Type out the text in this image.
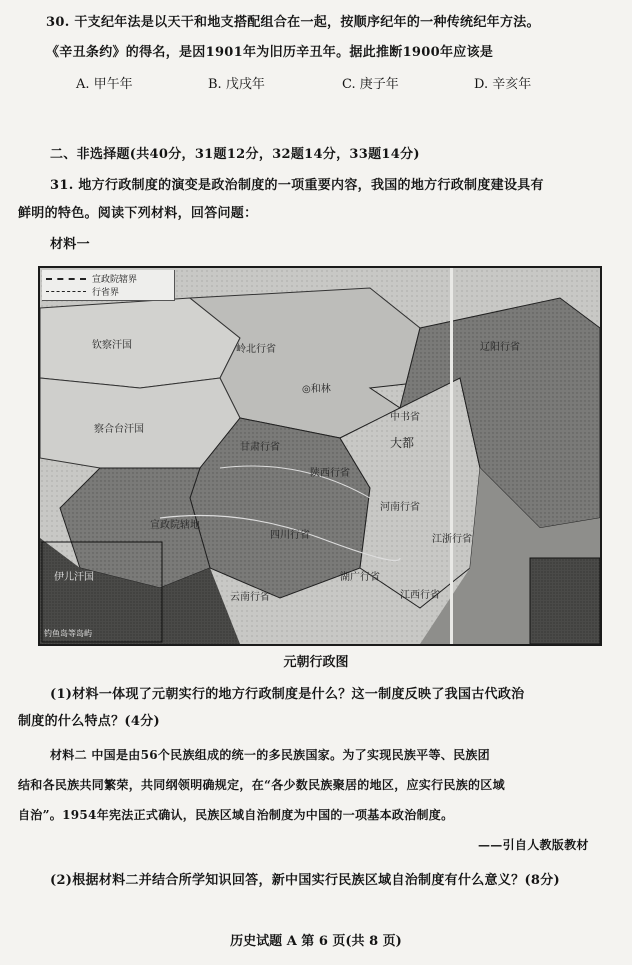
30. 干支纪年法是以天干和地支搭配组合在一起，按顺序纪年的一种传统纪年方法。
《辛丑条约》的得名，是因1901年为旧历辛丑年。据此推断1900年应该是
A. 甲午年	B. 戊戌年	C. 庚子年	D. 辛亥年
二、非选择题(共40分，31题12分，32题14分，33题14分)
31. 地方行政制度的演变是政治制度的一项重要内容，我国的地方行政制度建设具有
鲜明的特色。阅读下列材料，回答问题：
材料一
宣政院辖界
行省界
钦察汗国
察合台汗国
◎和林
中书省
大都
岭北行省	辽阳行省
甘肃行省
陕西行省
宣政院辖地
四川行省
河南行省
江浙行省
湖广行省
云南行省	江西行省
伊儿汗国
钓鱼岛等岛屿
元朝行政图
(1)材料一体现了元朝实行的地方行政制度是什么？这一制度反映了我国古代政治
制度的什么特点？(4分)
材料二 中国是由56个民族组成的统一的多民族国家。为了实现民族平等、民族团
结和各民族共同繁荣，共同纲领明确规定，在“各少数民族聚居的地区，应实行民族的区域
自治”。1954年宪法正式确认，民族区域自治制度为中国的一项基本政治制度。
——引自人教版教材
(2)根据材料二并结合所学知识回答，新中国实行民族区域自治制度有什么意义？(8分)
历史试题 A 第 6 页(共 8 页)
